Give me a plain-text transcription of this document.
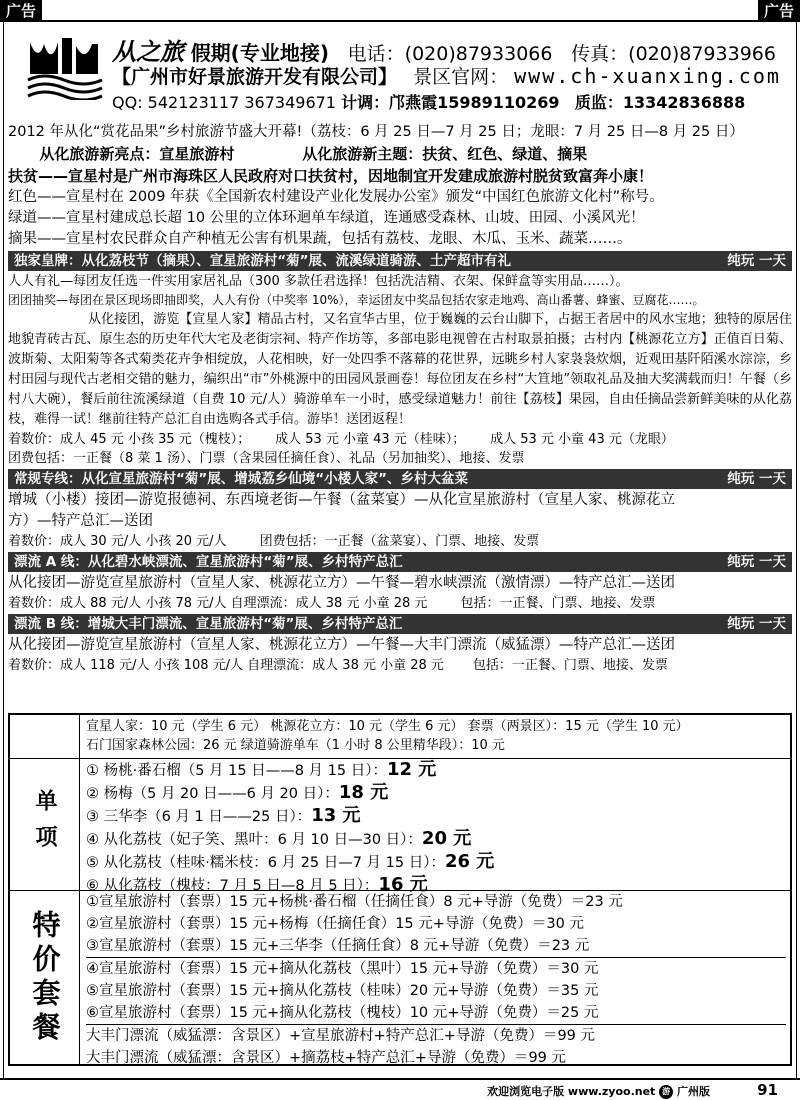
广告	广告
从之旅 假期(专业地接) 电话：(020)87933066 传真：(020)87933966
【广州市好景旅游开发有限公司】 景区官网： www.ch-xuanxing.com
QQ: 542123117 367349671 计调：邝燕霞15989110269 质监：13342836888
2012 年从化“赏花品果”乡村旅游节盛大开幕!（荔枝：6 月 25 日—7 月 25 日；龙眼：7 月 25 日—8 月 25 日）
从化旅游新亮点：宣星旅游村	从化旅游新主题：扶贫、红色、绿道、摘果
扶贫——宣星村是广州市海珠区人民政府对口扶贫村，因地制宜开发建成旅游村脱贫致富奔小康！
红色——宣星村在 2009 年获《全国新农村建设产业化发展办公室》颁发“中国红色旅游文化村”称号。
绿道——宣星村建成总长超 10 公里的立体环迴单车绿道，连通感受森林、山坡、田园、小溪风光！
摘果——宣星村农民群众自产种植无公害有机果蔬，包括有荔枝、龙眼、木瓜、玉米、蔬菜……。
独家皇牌：从化荔枝节（摘果）、宣星旅游村“菊”展、流溪绿道骑游、土产超市有礼	纯玩 一天
人人有礼—每团友任选一件实用家居礼品（300 多款任君选择！包括洗洁精、衣架、保鲜盒等实用品……）。
团团抽奖—每团在景区现场即抽即奖，人人有份（中奖率 10%），幸运团友中奖品包括农家走地鸡、高山番薯、蜂蜜、豆腐花……。
从化接团，游览【宣星人家】精品古村，又名宣华古里，位于巍巍的云台山脚下，占据王者居中的风水宝地；独特的原居住地貌青砖古瓦、原生态的历史年代大宅及老街宗祠、特产作坊等，多部电影电视曾在古村取景拍摄；古村内【桃源花立方】正值百日菊、波斯菊、太阳菊等各式菊类花卉争相绽放，人花相映，好一处四季不落幕的花世界，远眺乡村人家袅袅炊烟，近观田基阡陌溪水淙淙，乡村田园与现代古老相交错的魅力，编织出“市”外桃源中的田园风景画卷！每位团友在乡村“大笪地”领取礼品及抽大奖满载而归！午餐（乡村八大碗），餐后前往流溪绿道（自费 10 元/人）骑游单车一小时，感受绿道魅力！前往【荔枝】果园，自由任摘品尝新鲜美味的从化荔枝，难得一试！继前往特产总汇自由选购各式手信。游毕！送团返程！
着数价：成人 45 元 小孩 35 元（槐枝）； 成人 53 元 小童 43 元（桂味）； 成人 53 元 小童 43 元（龙眼）
团费包括：一正餐（8 菜 1 汤）、门票（含果园任摘任食）、礼品（另加抽奖）、地接、发票
常规专线：从化宣星旅游村“菊”展、增城荔乡仙境“小楼人家”、乡村大盆菜	纯玩 一天
增城（小楼）接团—游览报德祠、东西境老街—午餐（盆菜宴）—从化宣星旅游村（宣星人家、桃源花立
方）—特产总汇—送团
着数价：成人 30 元/人 小孩 20 元/人	团费包括：一正餐（盆菜宴）、门票、地接、发票
漂流 A 线：从化碧水峡漂流、宣星旅游村“菊”展、乡村特产总汇	纯玩 一天
从化接团—游览宣星旅游村（宣星人家、桃源花立方）—午餐—碧水峡漂流（激情漂）—特产总汇—送团
着数价：成人 88 元/人 小孩 78 元/人 自理漂流：成人 38 元 小童 28 元	包括：一正餐、门票、地接、发票
漂流 B 线：增城大丰门漂流、宣星旅游村“菊”展、乡村特产总汇	纯玩 一天
从化接团—游览宣星旅游村（宣星人家、桃源花立方）—午餐—大丰门漂流（威猛漂）—特产总汇—送团
着数价：成人 118 元/人 小孩 108 元/人 自理漂流：成人 38 元 小童 28 元 包括：一正餐、门票、地接、发票
宣星人家：10 元（学生 6 元） 桃源花立方：10 元（学生 6 元） 套票（两景区）：15 元（学生 10 元）
石门国家森林公园：26 元 绿道骑游单车（1 小时 8 公里精华段）：10 元
单项
① 杨桃·番石榴（5 月 15 日——8 月 15 日）：12 元
② 杨梅（5 月 20 日——6 月 20 日）：18 元
③ 三华李（6 月 1 日——25 日）：13 元
④ 从化荔枝（妃子笑、黑叶：6 月 10 日—30 日）：20 元
⑤ 从化荔枝（桂味·糯米枝：6 月 25 日—7 月 15 日）：26 元
⑥ 从化荔枝（槐枝：7 月 5 日—8 月 5 日）：16 元
特价套餐
①宣星旅游村（套票）15 元+杨桃·番石榴（任摘任食）8 元+导游（免费）＝23 元
②宣星旅游村（套票）15 元+杨梅（任摘任食）15 元+导游（免费）＝30 元
③宣星旅游村（套票）15 元+三华李（任摘任食）8 元+导游（免费）＝23 元
④宣星旅游村（套票）15 元+摘从化荔枝（黑叶）15 元+导游（免费）＝30 元
⑤宣星旅游村（套票）15 元+摘从化荔枝（桂味）20 元+导游（免费）＝35 元
⑥宣星旅游村（套票）15 元+摘从化荔枝（槐枝）10 元+导游（免费）＝25 元
大丰门漂流（威猛漂：含景区）+宣星旅游村+特产总汇+导游（免费）＝99 元
大丰门漂流（威猛漂：含景区）+摘荔枝+特产总汇+导游（免费）＝99 元
欢迎浏览电子版 www.zyoo.net 游 广州版	91
